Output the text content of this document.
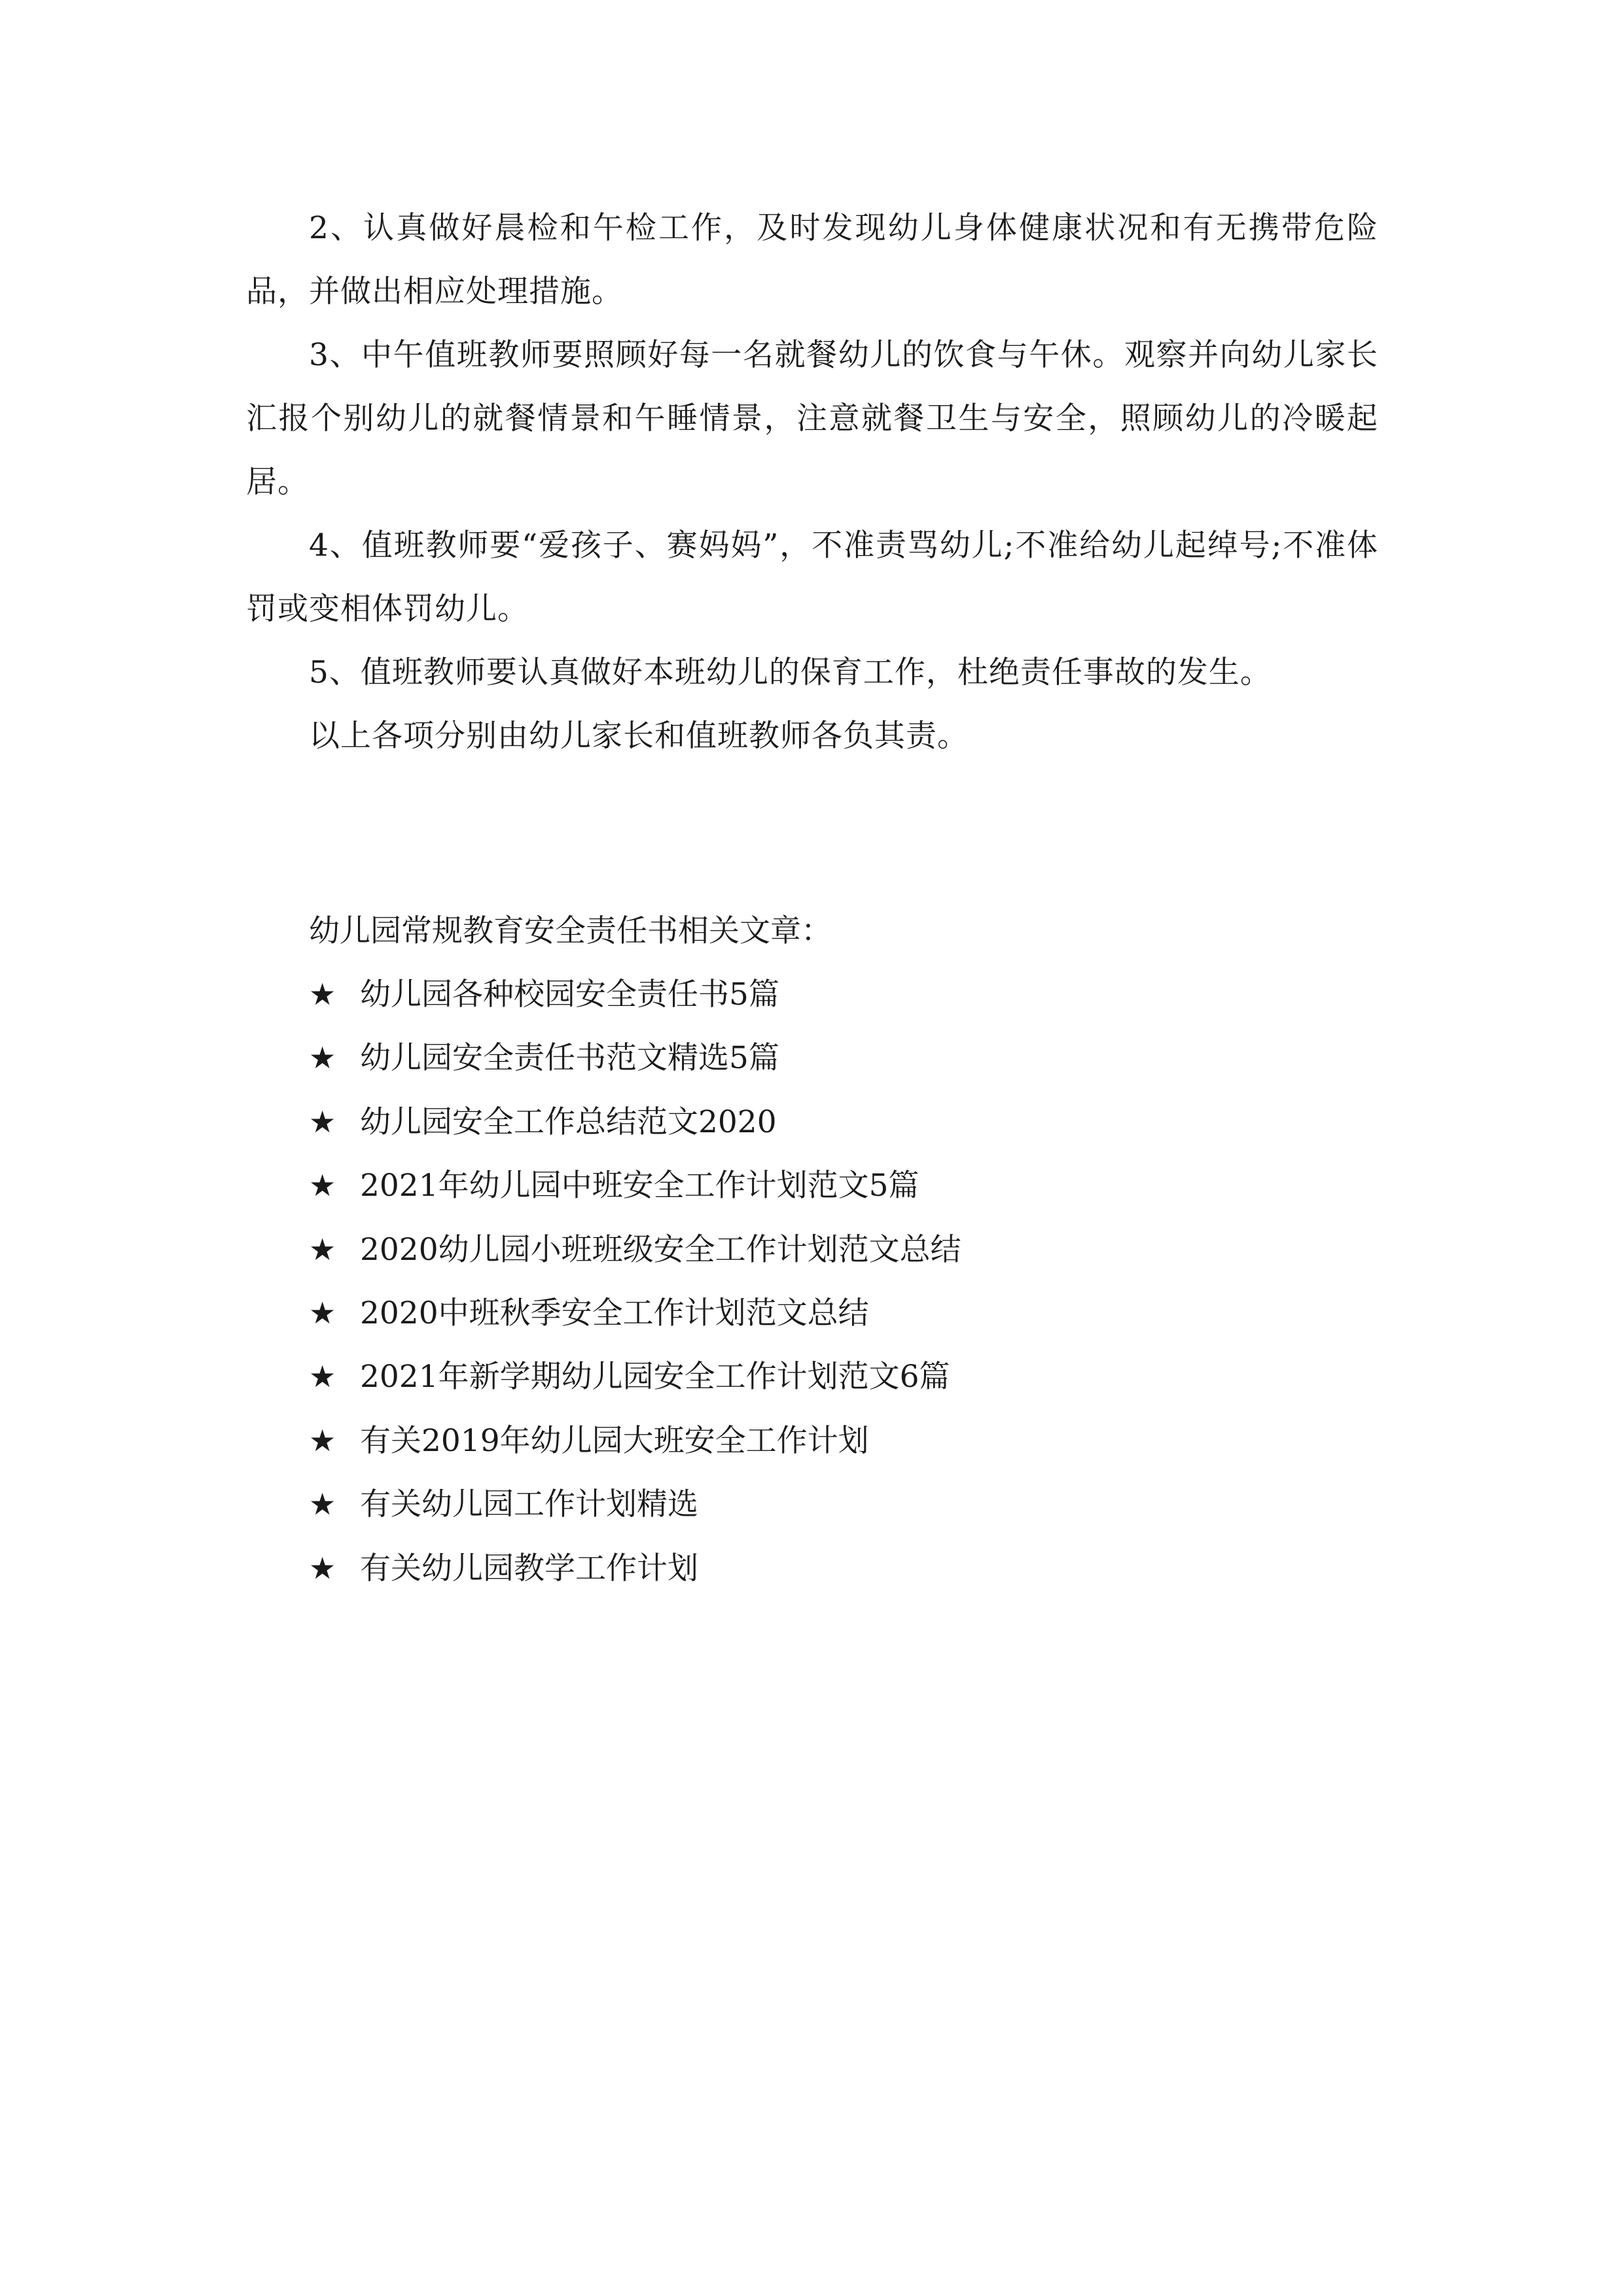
2、认真做好晨检和午检工作，及时发现幼儿身体健康状况和有无携带危险品，并做出相应处理措施。

3、中午值班教师要照顾好每一名就餐幼儿的饮食与午休。观察并向幼儿家长汇报个别幼儿的就餐情景和午睡情景，注意就餐卫生与安全，照顾幼儿的冷暖起居。

4、值班教师要“爱孩子、赛妈妈”，不准责骂幼儿;不准给幼儿起绰号;不准体罚或变相体罚幼儿。

5、值班教师要认真做好本班幼儿的保育工作，杜绝责任事故的发生。

以上各项分别由幼儿家长和值班教师各负其责。

幼儿园常规教育安全责任书相关文章：

★ 幼儿园各种校园安全责任书5篇
★ 幼儿园安全责任书范文精选5篇
★ 幼儿园安全工作总结范文2020
★ 2021年幼儿园中班安全工作计划范文5篇
★ 2020幼儿园小班班级安全工作计划范文总结
★ 2020中班秋季安全工作计划范文总结
★ 2021年新学期幼儿园安全工作计划范文6篇
★ 有关2019年幼儿园大班安全工作计划
★ 有关幼儿园工作计划精选
★ 有关幼儿园教学工作计划
